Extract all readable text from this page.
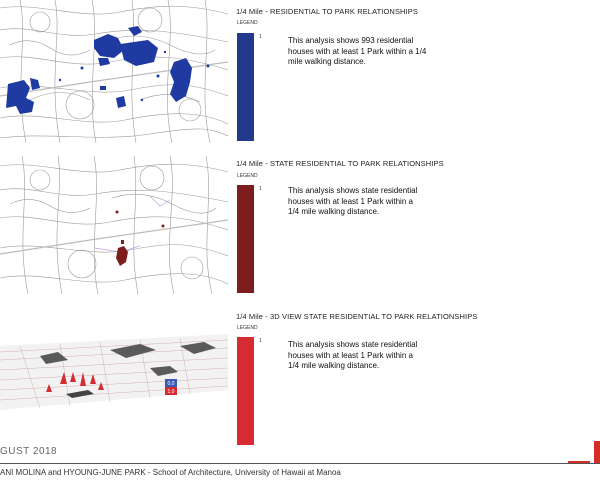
1/4 Mile - RESIDENTIAL TO PARK RELATIONSHIPS
LEGEND
1	This analysis shows 993 residential houses with at least 1 Park within a 1/4 mile walking distance.
1/4 Mile - STATE RESIDENTIAL TO PARK RELATIONSHIPS
LEGEND
1	This analysis shows state residential houses with at least 1 Park within a 1/4 mile walking distance.
0.0
1.0
1/4 Mile - 3D VIEW STATE RESIDENTIAL TO PARK RELATIONSHIPS
LEGEND
1	This analysis shows state residential houses with at least 1 Park within a 1/4 mile walking distance.
GUST 2018
ANI MOLINA and HYOUNG-JUNE PARK - School of Architecture, University of Hawaii at Manoa
